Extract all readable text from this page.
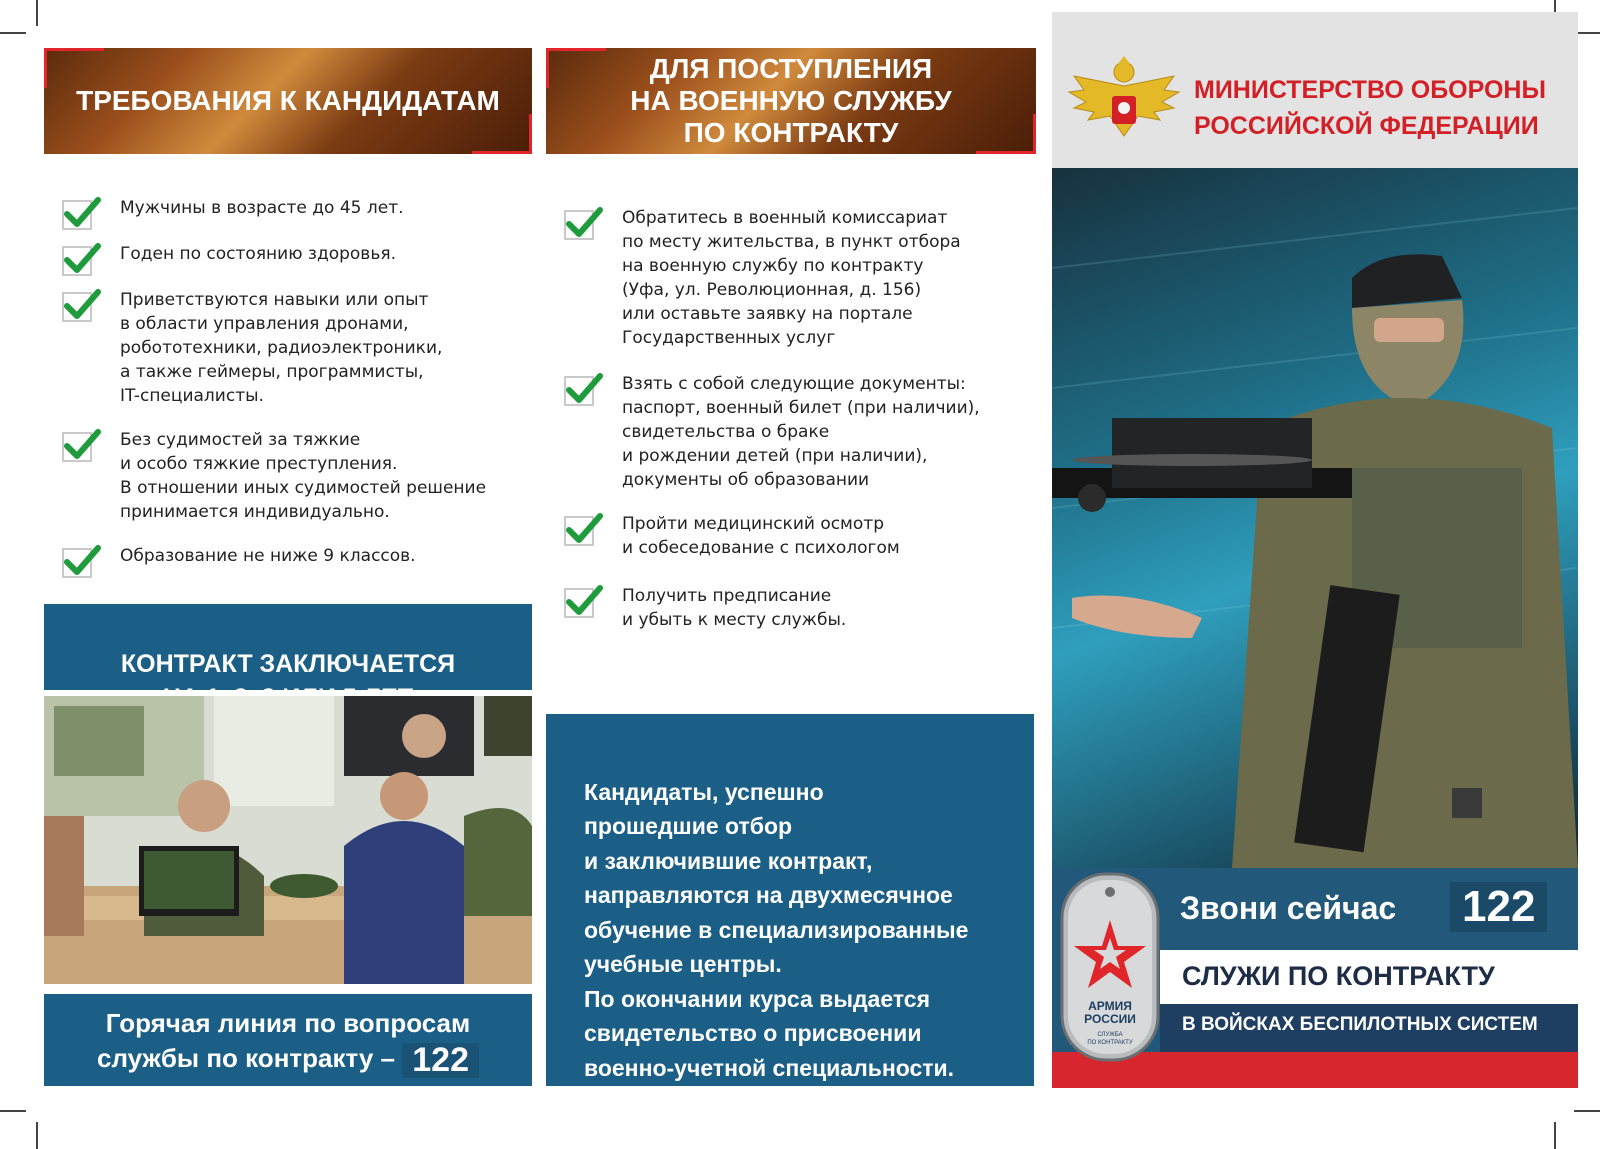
ТРЕБОВАНИЯ К КАНДИДАТАМ
ДЛЯ ПОСТУПЛЕНИЯ
НА ВОЕННУЮ СЛУЖБУ
ПО КОНТРАКТУ
Мужчины в возрасте до 45 лет.
Годен по состоянию здоровья.
Приветствуются навыки или опыт
в области управления дронами,
робототехники, радиоэлектроники,
а также геймеры, программисты,
IT-специалисты.
Без судимостей за тяжкие
и особо тяжкие преступления.
В отношении иных судимостей решение
принимается индивидуально.
Образование не ниже 9 классов.
Обратитесь в военный комиссариат
по месту жительства, в пункт отбора
на военную службу по контракту
(Уфа, ул. Революционная, д. 156)
или оставьте заявку на портале
Государственных услуг
Взять с собой следующие документы:
паспорт, военный билет (при наличии),
свидетельства о браке
и рождении детей (при наличии),
документы об образовании
Пройти медицинский осмотр
и собеседование с психологом
Получить предписание
и убыть к месту службы.

КОНТРАКТ ЗАКЛЮЧАЕТСЯ

Горячая линия по вопросам
службы по контракту – 122

Кандидаты, успешно
прошедшие отбор
и заключившие контракт,
направляются на двухмесячное
обучение в специализированные
учебные центры.
По окончании курса выдается
свидетельство о присвоении
военно-учетной специальности.

МИНИСТЕРСТВО ОБОРОНЫ
РОССИЙСКОЙ ФЕДЕРАЦИИ
Звони сейчас 122
СЛУЖИ ПО КОНТРАКТУ
В ВОЙСКАХ БЕСПИЛОТНЫХ СИСТЕМ
АРМИЯ
РОССИИ
СЛУЖБА
ПО КОНТРАКТУ
